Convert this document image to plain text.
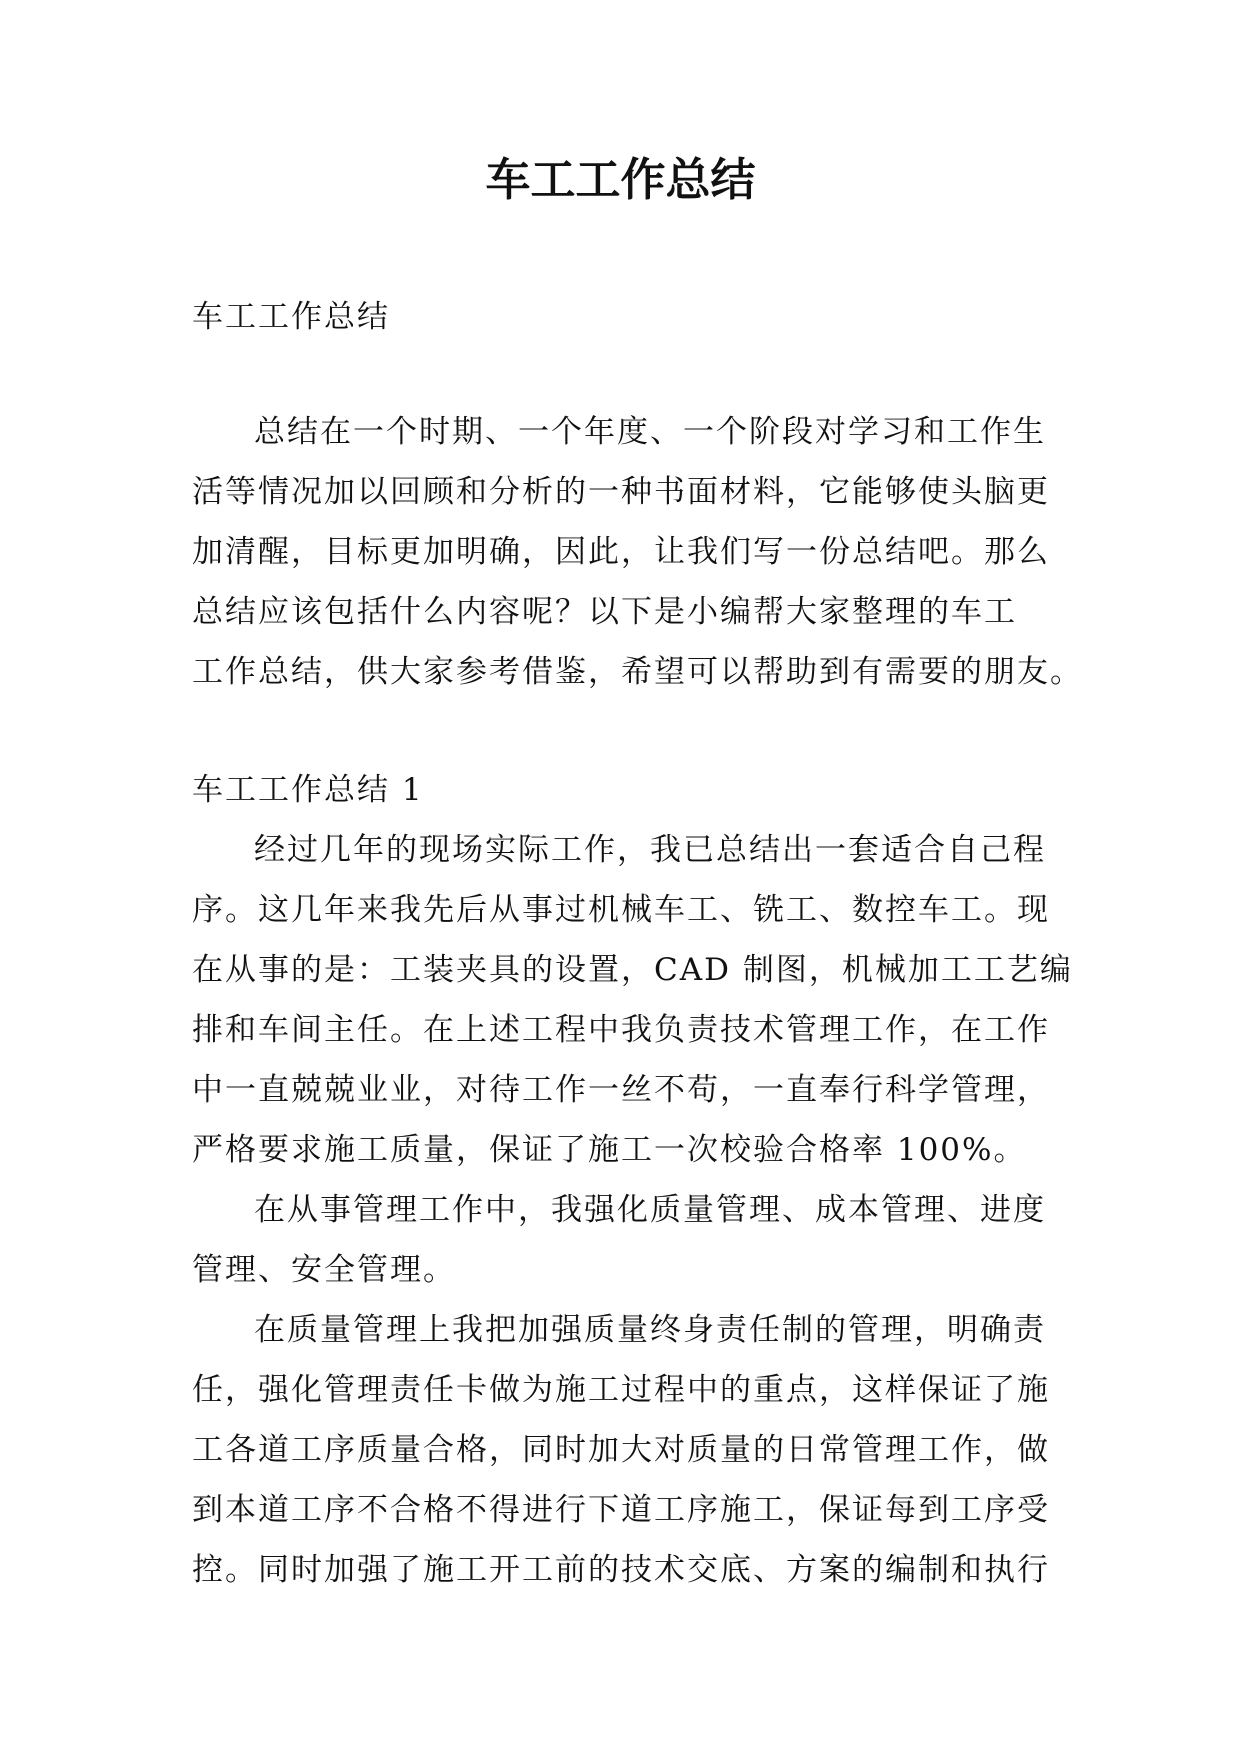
车工工作总结

车工工作总结

总结在一个时期、一个年度、一个阶段对学习和工作生

活等情况加以回顾和分析的一种书面材料，它能够使头脑更

加清醒，目标更加明确，因此，让我们写一份总结吧。那么

总结应该包括什么内容呢？以下是小编帮大家整理的车工

工作总结，供大家参考借鉴，希望可以帮助到有需要的朋友。

车工工作总结 1

经过几年的现场实际工作，我已总结出一套适合自己程

序。这几年来我先后从事过机械车工、铣工、数控车工。现

在从事的是：工装夹具的设置，CAD 制图，机械加工工艺编

排和车间主任。在上述工程中我负责技术管理工作，在工作

中一直兢兢业业，对待工作一丝不苟，一直奉行科学管理，

严格要求施工质量，保证了施工一次校验合格率 100%。

在从事管理工作中，我强化质量管理、成本管理、进度

管理、安全管理。

在质量管理上我把加强质量终身责任制的管理，明确责

任，强化管理责任卡做为施工过程中的重点，这样保证了施

工各道工序质量合格，同时加大对质量的日常管理工作，做

到本道工序不合格不得进行下道工序施工，保证每到工序受

控。同时加强了施工开工前的技术交底、方案的编制和执行
